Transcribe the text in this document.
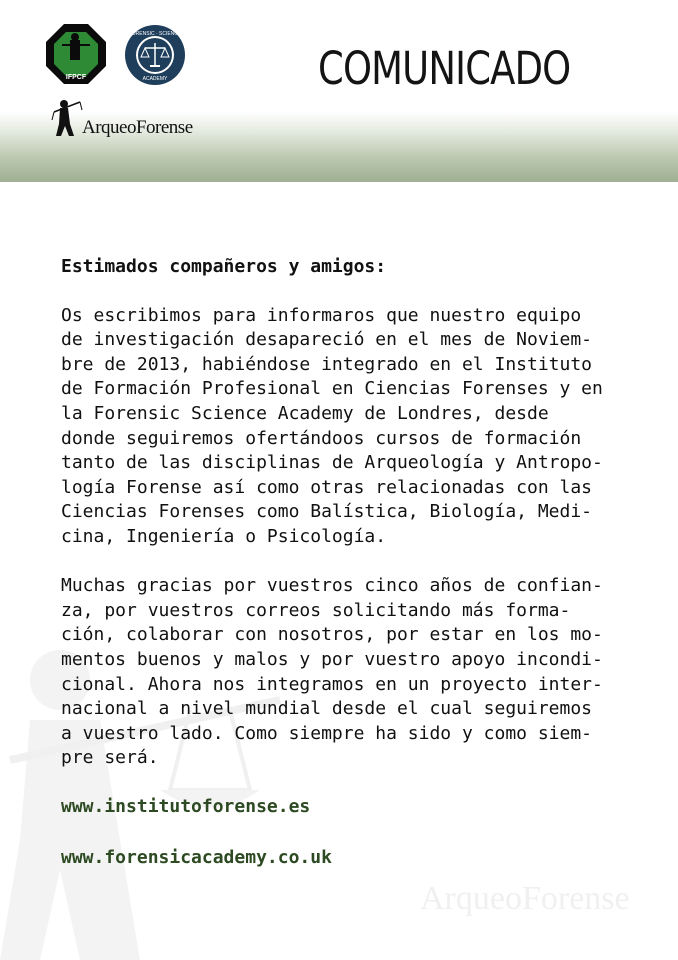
IFPCF
FORENSIC · SCIENCE
ACADEMY
ArqueoForense
COMUNICADO
ArqueoForense

Estimados compañeros y amigos:

Os escribimos para informaros que nuestro equipo
de investigación desapareció en el mes de Noviem-
bre de 2013, habiéndose integrado en el Instituto
de Formación Profesional en Ciencias Forenses y en
la Forensic Science Academy de Londres, desde
donde seguiremos ofertándoos cursos de formación
tanto de las disciplinas de Arqueología y Antropo-
logía Forense así como otras relacionadas con las
Ciencias Forenses como Balística, Biología, Medi-
cina, Ingeniería o Psicología.

Muchas gracias por vuestros cinco años de confian-
za, por vuestros correos solicitando más forma-
ción, colaborar con nosotros, por estar en los mo-
mentos buenos y malos y por vuestro apoyo incondi-
cional. Ahora nos integramos en un proyecto inter-
nacional a nivel mundial desde el cual seguiremos
a vuestro lado. Como siempre ha sido y como siem-
pre será.

www.institutoforense.es
www.forensicacademy.co.uk
